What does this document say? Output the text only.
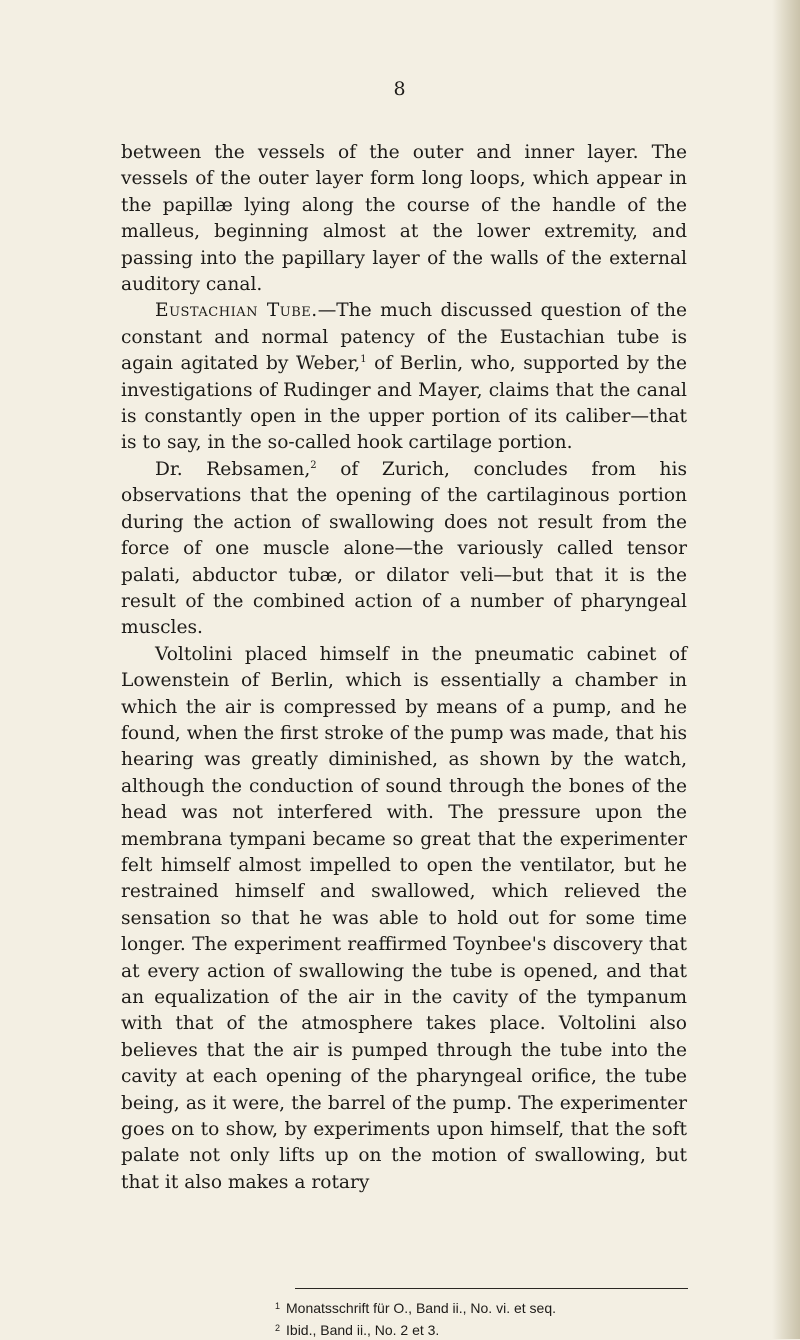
8

between the vessels of the outer and inner layer. The vessels of the outer layer form long loops, which appear in the papillæ lying along the course of the handle of the malleus, beginning almost at the lower extremity, and passing into the papillary layer of the walls of the external auditory canal.

Eustachian Tube.—The much discussed question of the constant and normal patency of the Eustachian tube is again agitated by Weber,$^1$ of Berlin, who, supported by the investigations of Rudinger and Mayer, claims that the canal is constantly open in the upper portion of its caliber—that is to say, in the so-called hook cartilage portion.

Dr. Rebsamen,$^2$ of Zurich, concludes from his observations that the opening of the cartilaginous portion during the action of swallowing does not result from the force of one muscle alone—the variously called tensor palati, abductor tubæ, or dilator veli—but that it is the result of the combined action of a number of pharyngeal muscles.

Voltolini placed himself in the pneumatic cabinet of Lowenstein of Berlin, which is essentially a chamber in which the air is compressed by means of a pump, and he found, when the first stroke of the pump was made, that his hearing was greatly diminished, as shown by the watch, although the conduction of sound through the bones of the head was not interfered with. The pressure upon the membrana tympani became so great that the experimenter felt himself almost impelled to open the ventilator, but he restrained himself and swallowed, which relieved the sensation so that he was able to hold out for some time longer. The experiment reaffirmed Toynbee's discovery that at every action of swallowing the tube is opened, and that an equalization of the air in the cavity of the tympanum with that of the atmosphere takes place. Voltolini also believes that the air is pumped through the tube into the cavity at each opening of the pharyngeal orifice, the tube being, as it were, the barrel of the pump. The experimenter goes on to show, by experiments upon himself, that the soft palate not only lifts up on the motion of swallowing, but that it also makes a rotary

$^1$ Monatsschrift für O., Band ii., No. vi. et seq.

$^2$ Ibid., Band ii., No. 2 et 3.
